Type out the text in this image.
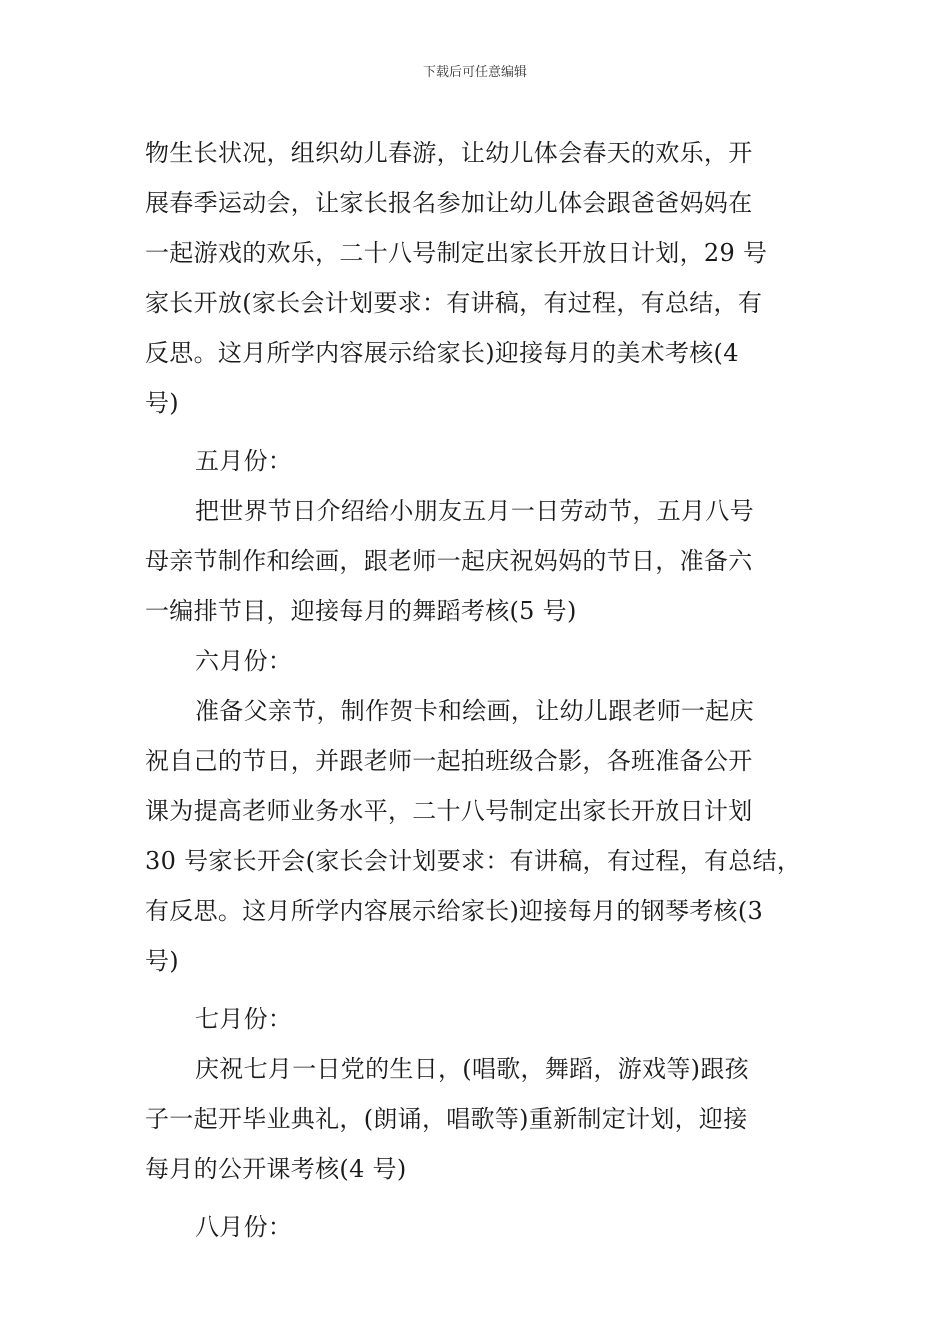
下载后可任意编辑
物生长状况，组织幼儿春游，让幼儿体会春天的欢乐，开
展春季运动会，让家长报名参加让幼儿体会跟爸爸妈妈在
一起游戏的欢乐，二十八号制定出家长开放日计划，29 号
家长开放(家长会计划要求：有讲稿，有过程，有总结，有
反思。这月所学内容展示给家长)迎接每月的美术考核(4
号)
五月份：
把世界节日介绍给小朋友五月一日劳动节，五月八号
母亲节制作和绘画，跟老师一起庆祝妈妈的节日，准备六
一编排节目，迎接每月的舞蹈考核(5 号)
六月份：
准备父亲节，制作贺卡和绘画，让幼儿跟老师一起庆
祝自己的节日，并跟老师一起拍班级合影，各班准备公开
课为提高老师业务水平，二十八号制定出家长开放日计划
30 号家长开会(家长会计划要求：有讲稿，有过程，有总结，
有反思。这月所学内容展示给家长)迎接每月的钢琴考核(3
号)
七月份：
庆祝七月一日党的生日，(唱歌，舞蹈，游戏等)跟孩
子一起开毕业典礼，(朗诵，唱歌等)重新制定计划，迎接
每月的公开课考核(4 号)
八月份：
